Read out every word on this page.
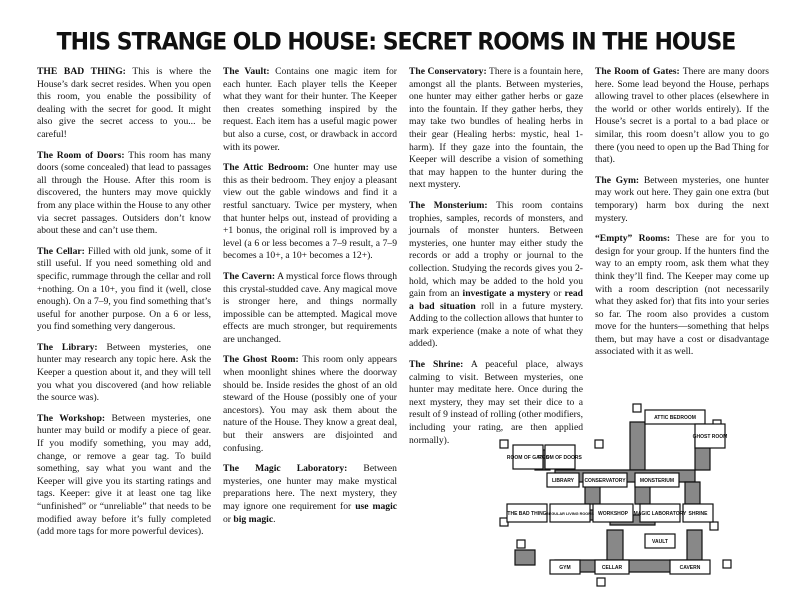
THIS STRANGE OLD HOUSE: SECRET ROOMS IN THE HOUSE

THE BAD THING: This is where the House’s dark secret resides. When you open this room, you enable the possibility of dealing with the secret for good. It might also give the secret access to you... be careful!

The Room of Doors: This room has many doors (some concealed) that lead to passages all through the House. After this room is discovered, the hunters may move quickly from any place within the House to any other via secret passages. Outsiders don’t know about these and can’t use them.

The Cellar: Filled with old junk, some of it still useful. If you need something old and specific, rummage through the cellar and roll +nothing. On a 10+, you find it (well, close enough). On a 7–9, you find something that’s useful for another purpose. On a 6 or less, you find something very dangerous.

The Library: Between mysteries, one hunter may research any topic here. Ask the Keeper a question about it, and they will tell you what you discovered (and how reliable the source was).

The Workshop: Between mysteries, one hunter may build or modify a piece of gear. If you modify something, you may add, change, or remove a gear tag. To build something, say what you want and the Keeper will give you its starting ratings and tags. Keeper: give it at least one tag like “unfinished” or “unreliable” that needs to be modified away before it’s fully completed (add more tags for more powerful devices).

The Vault: Contains one magic item for each hunter. Each player tells the Keeper what they want for their hunter. The Keeper then creates something inspired by the request. Each item has a useful magic power but also a curse, cost, or drawback in accord with its power.

The Attic Bedroom: One hunter may use this as their bedroom. They enjoy a pleasant view out the gable windows and find it a restful sanctuary. Twice per mystery, when that hunter helps out, instead of providing a +1 bonus, the original roll is improved by a level (a 6 or less becomes a 7–9 result, a 7–9 becomes a 10+, a 10+ becomes a 12+).

The Cavern: A mystical force flows through this crystal-studded cave. Any magical move is stronger here, and things normally impossible can be attempted. Magical move effects are much stronger, but requirements are unchanged.

The Ghost Room: This room only appears when moonlight shines where the doorway should be. Inside resides the ghost of an old steward of the House (possibly one of your ancestors). You may ask them about the nature of the House. They know a great deal, but their answers are disjointed and confusing.

The Magic Laboratory: Between mysteries, one hunter may make mystical preparations here. The next mystery, they may ignore one requirement for use magic or big magic.

The Conservatory: There is a fountain here, amongst all the plants. Between mysteries, one hunter may either gather herbs or gaze into the fountain. If they gather herbs, they may take two bundles of healing herbs in their gear (Healing herbs: mystic, heal 1-harm). If they gaze into the fountain, the Keeper will describe a vision of something that may happen to the hunter during the next mystery.

The Monsterium: This room contains trophies, samples, records of monsters, and journals of monster hunters. Between mysteries, one hunter may either study the records or add a trophy or journal to the collection. Studying the records gives you 2-hold, which may be added to the hold you gain from an investigate a mystery or read a bad situation roll in a future mystery. Adding to the collection allows that hunter to mark experience (make a note of what they added).

The Shrine: A peaceful place, always calming to visit. Between mysteries, one hunter may meditate here. Once during the next mystery, they may set their dice to a result of 9 instead of rolling (other modifiers, including your rating, are then applied normally).

The Room of Gates: There are many doors here. Some lead beyond the House, perhaps allowing travel to other places (elsewhere in the world or other worlds entirely). If the House’s secret is a portal to a bad place or similar, this room doesn’t allow you to go there (you need to open up the Bad Thing for that).

The Gym: Between mysteries, one hunter may work out here. They gain one extra (but temporary) harm box during the next mystery.

“Empty” Rooms: These are for you to design for your group. If the hunters find the way to an empty room, ask them what they think they’ll find. The Keeper may come up with a room description (not necessarily what they asked for) that fits into your series so far. The room also provides a custom move for the hunters—something that helps them, but may have a cost or disadvantage associated with it as well.

ATTIC BEDROOM
GHOST ROOM
ROOM OF GATES
ROOM OF DOORS
LIBRARY CONSERVATORY	MONSTERIUM
THE BAD THING REGULAR LIVING ROOMS WORKSHOP MAGIC LABORATORY SHRINE
VAULT
GYM	CELLAR	CAVERN
